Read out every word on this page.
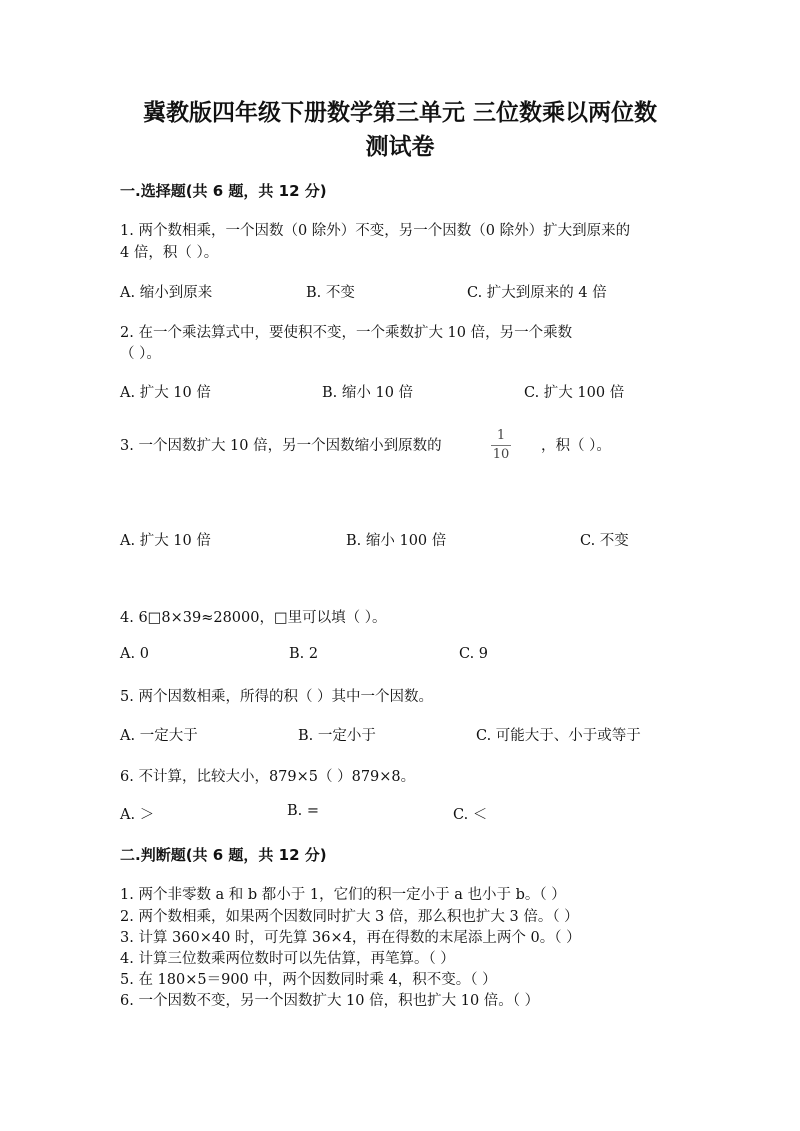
冀教版四年级下册数学第三单元 三位数乘以两位数
测试卷
一.选择题(共 6 题，共 12 分)
1. 两个数相乘，一个因数（0 除外）不变，另一个因数（0 除外）扩大到原来的
4 倍，积（ ）。
A. 缩小到原来	B. 不变	C. 扩大到原来的 4 倍
2. 在一个乘法算式中，要使积不变，一个乘数扩大 10 倍，另一个乘数
（ ）。
A. 扩大 10 倍	B. 缩小 10 倍	C. 扩大 100 倍
3. 一个因数扩大 10 倍，另一个因数缩小到原数的
1
10
，积（ ）。
A. 扩大 10 倍	B. 缩小 100 倍	C. 不变
4. 6□8×39≈28000，□里可以填（ ）。
A. 0	B. 2	C. 9
5. 两个因数相乘，所得的积（ ）其中一个因数。
A. 一定大于	B. 一定小于	C. 可能大于、小于或等于
6. 不计算，比较大小，879×5（ ）879×8。
A. ＞	B. =	C. ＜
二.判断题(共 6 题，共 12 分)
1. 两个非零数 a 和 b 都小于 1，它们的积一定小于 a 也小于 b。（ ）
2. 两个数相乘，如果两个因数同时扩大 3 倍，那么积也扩大 3 倍。（ ）
3. 计算 360×40 时，可先算 36×4，再在得数的末尾添上两个 0。（ ）
4. 计算三位数乘两位数时可以先估算，再笔算。（ ）
5. 在 180×5＝900 中，两个因数同时乘 4，积不变。（ ）
6. 一个因数不变，另一个因数扩大 10 倍，积也扩大 10 倍。（ ）
